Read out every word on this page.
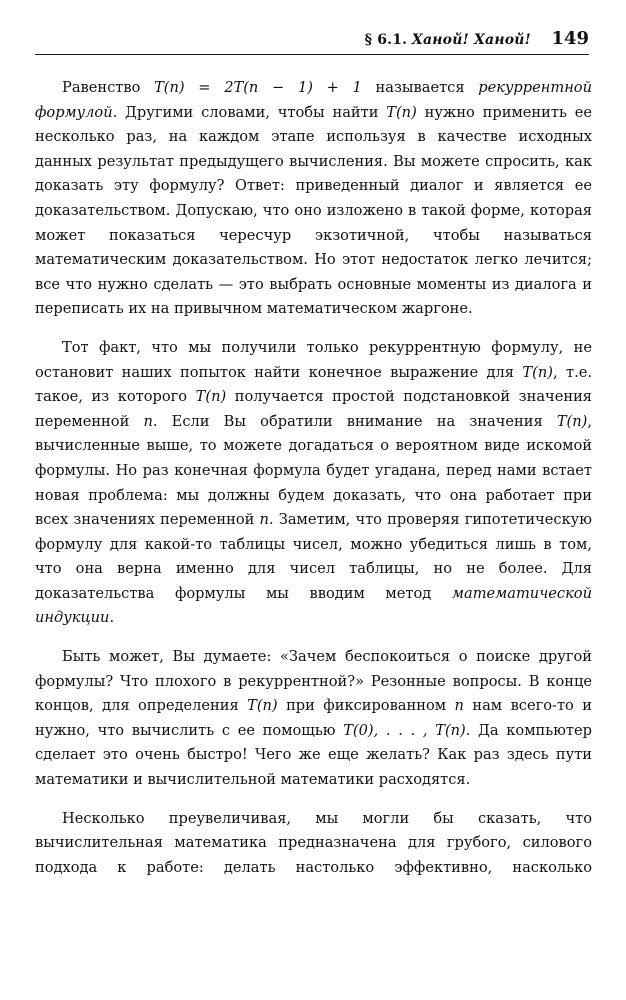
§ 6.1. Ханой! Ханой! 149

Равенство T(n) = 2T(n − 1) + 1 называется рекуррентной формулой. Другими словами, чтобы найти T(n) нужно применить ее несколько раз, на каждом этапе используя в качестве исходных данных результат предыдущего вычисления. Вы можете спросить, как доказать эту формулу? Ответ: приведенный диалог и является ее доказательством. Допускаю, что оно изложено в такой форме, которая может показаться чересчур экзотичной, чтобы называться математическим доказательством. Но этот недостаток легко лечится; все что нужно сделать — это выбрать основные моменты из диалога и переписать их на привычном математическом жаргоне.

Тот факт, что мы получили только рекуррентную формулу, не остановит наших попыток найти конечное выражение для T(n), т.е. такое, из которого T(n) получается простой подстановкой значения переменной n. Если Вы обратили внимание на значения T(n), вычисленные выше, то можете догадаться о вероятном виде искомой формулы. Но раз конечная формула будет угадана, перед нами встает новая проблема: мы должны будем доказать, что она работает при всех значениях переменной n. Заметим, что проверяя гипотетическую формулу для какой-то таблицы чисел, можно убедиться лишь в том, что она верна именно для чисел таблицы, но не более. Для доказательства формулы мы вводим метод математической индукции.

Быть может, Вы думаете: «Зачем беспокоиться о поиске другой формулы? Что плохого в рекуррентной?» Резонные вопросы. В конце концов, для определения T(n) при фиксированном n нам всего-то и нужно, что вычислить с ее помощью T(0), . . . , T(n). Да компьютер сделает это очень быстро! Чего же еще желать? Как раз здесь пути математики и вычислительной математики расходятся.

Несколько преувеличивая, мы могли бы сказать, что вычислительная математика предназначена для грубого, силового подхода к работе: делать настолько эффективно, насколько
